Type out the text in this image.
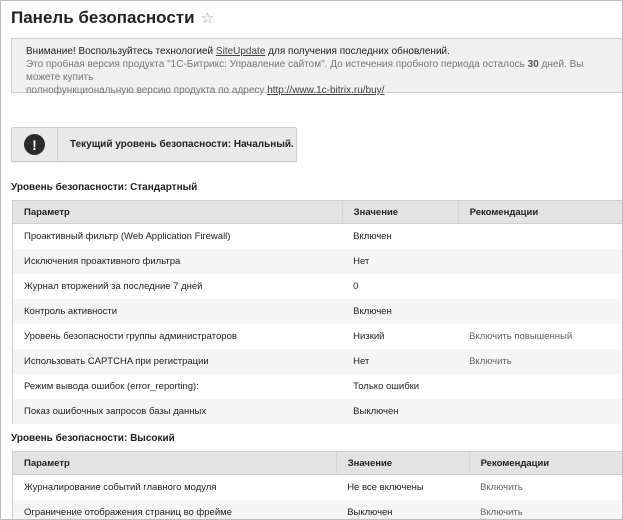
Панель безопасности ☆
Внимание! Воспользуйтесь технологией SiteUpdate для получения последних обновлений.
Это пробная версия продукта "1С-Битрикс: Управление сайтом". До истечения пробного периода осталось 30 дней. Вы можете купить
полнофункциональную версию продукта по адресу http://www.1c-bitrix.ru/buy/
!	Текущий уровень безопасности: Начальный.
Уровень безопасности: Стандартный
Параметр	Значение	Рекомендации
Проактивный фильтр (Web Application Firewall)	Включен	
Исключения проактивного фильтра	Нет	
Журнал вторжений за последние 7 дней	0	
Контроль активности	Включен	
Уровень безопасности группы администраторов	Низкий	Включить повышенный
Использовать CAPTCHA при регистрации	Нет	Включить
Режим вывода ошибок (error_reporting):	Только ошибки	
Показ ошибочных запросов базы данных	Выключен	
Уровень безопасности: Высокий
Параметр	Значение	Рекомендации
Журналирование событий главного модуля	Не все включены	Включить
Ограничение отображения страниц во фрейме	Выключен	Включить
